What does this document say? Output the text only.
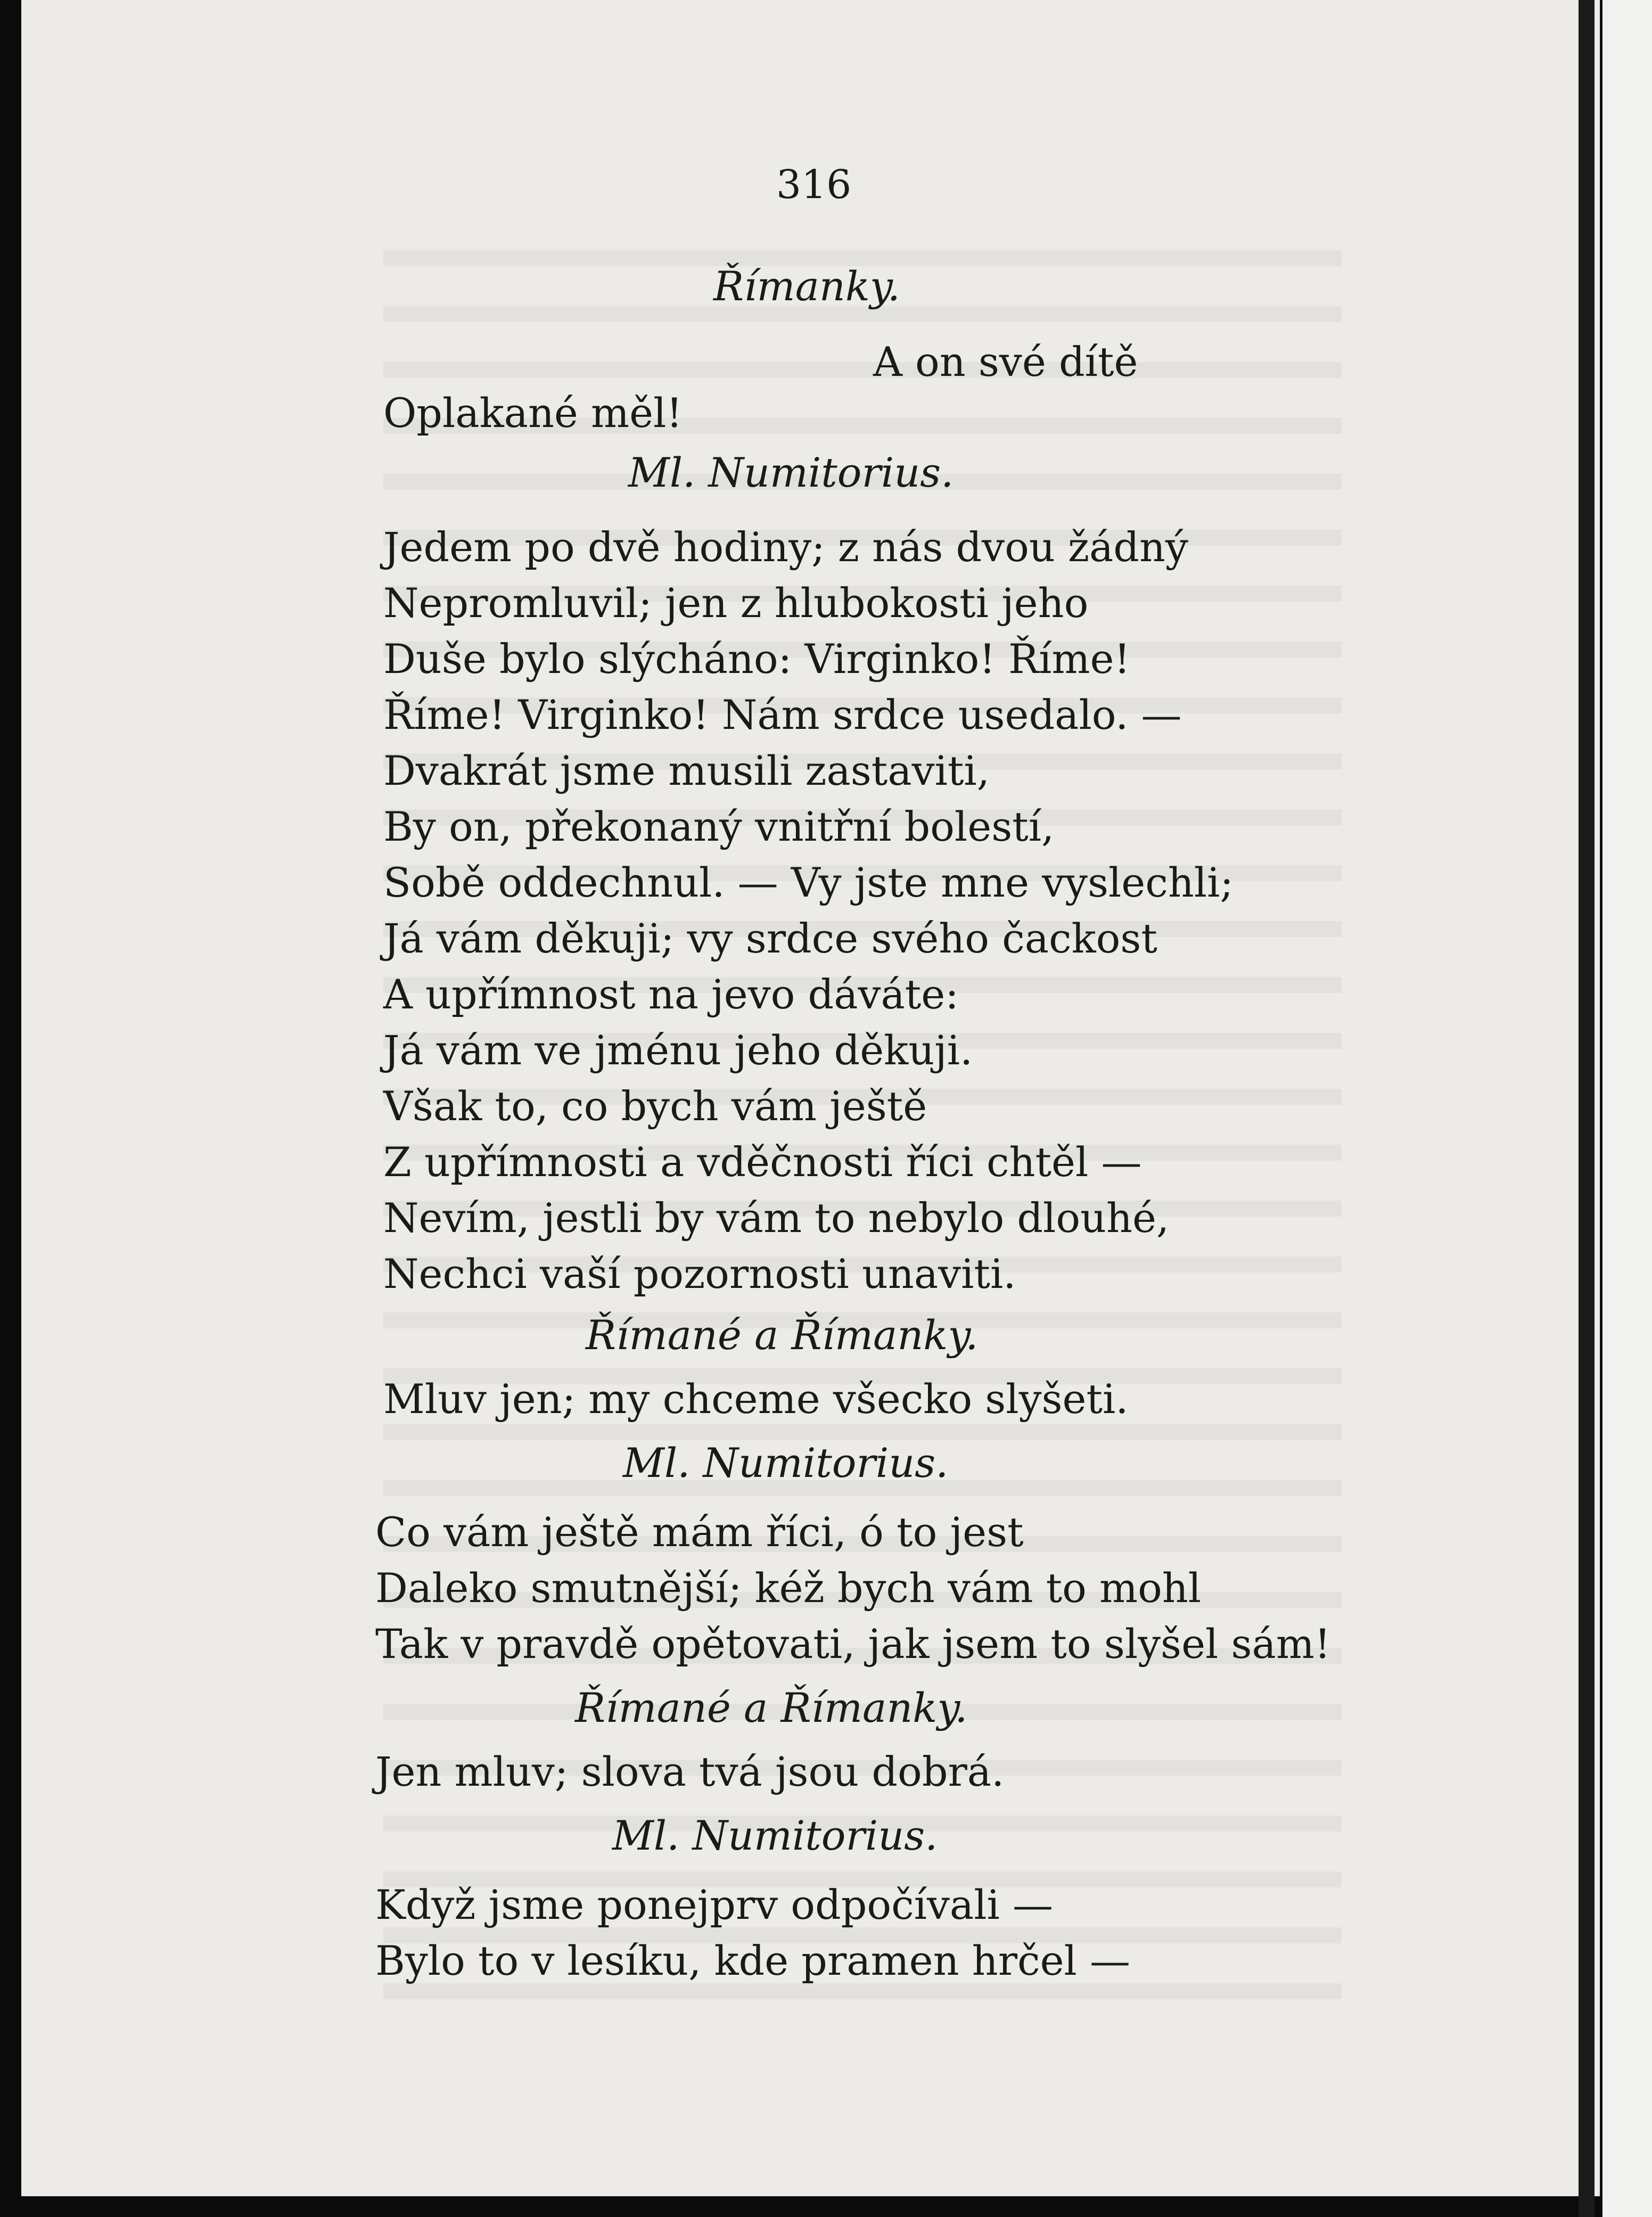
316
Římanky.
A on své dítě
Oplakané měl!
Ml. Numitorius.
Jedem po dvě hodiny; z nás dvou žádný
Nepromluvil; jen z hlubokosti jeho
Duše bylo slýcháno: Virginko! Říme!
Říme! Virginko! Nám srdce usedalo. —
Dvakrát jsme musili zastaviti,
By on, překonaný vnitřní bolestí,
Sobě oddechnul. — Vy jste mne vyslechli;
Já vám děkuji; vy srdce svého čackost
A upřímnost na jevo dáváte:
Já vám ve jménu jeho děkuji.
Však to, co bych vám ještě
Z upřímnosti a vděčnosti říci chtěl —
Nevím, jestli by vám to nebylo dlouhé,
Nechci vaší pozornosti unaviti.
Římané a Římanky.
Mluv jen; my chceme všecko slyšeti.
Ml. Numitorius.
Co vám ještě mám říci, ó to jest
Daleko smutnější; kéž bych vám to mohl
Tak v pravdě opětovati, jak jsem to slyšel sám!
Římané a Římanky.
Jen mluv; slova tvá jsou dobrá.
Ml. Numitorius.
Když jsme ponejprv odpočívali —
Bylo to v lesíku, kde pramen hrčel —
